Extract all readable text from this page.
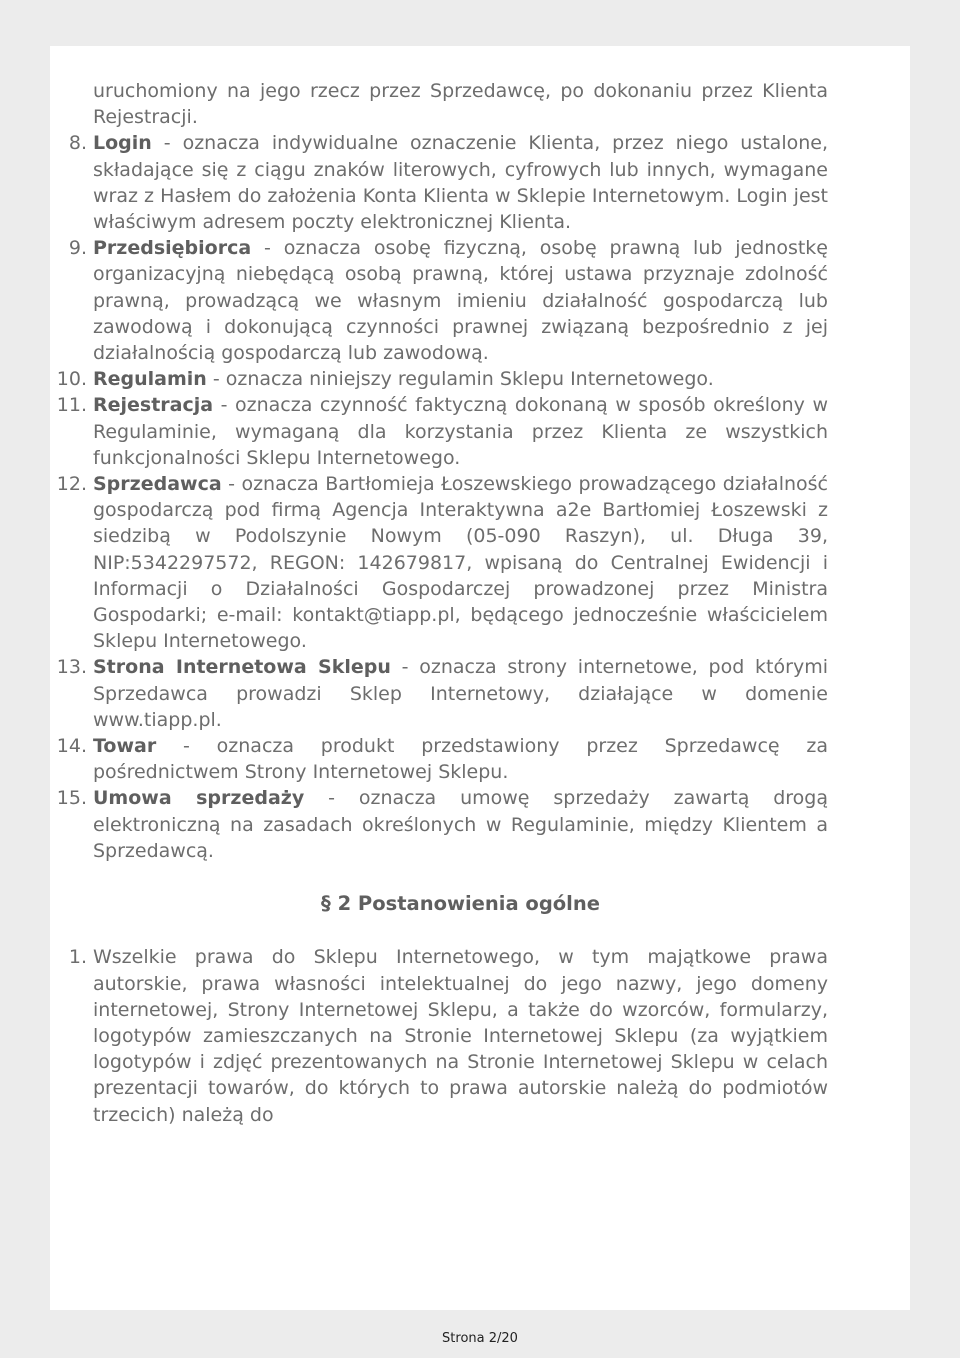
uruchomiony na jego rzecz przez Sprzedawcę, po dokonaniu przez Klienta Rejestracji.
8. Login - oznacza indywidualne oznaczenie Klienta, przez niego ustalone, składające się z ciągu znaków literowych, cyfrowych lub innych, wymagane wraz z Hasłem do założenia Konta Klienta w Sklepie Internetowym. Login jest właściwym adresem poczty elektronicznej Klienta.
9. Przedsiębiorca - oznacza osobę fizyczną, osobę prawną lub jednostkę organizacyjną niebędącą osobą prawną, której ustawa przyznaje zdolność prawną, prowadzącą we własnym imieniu działalność gospodarczą lub zawodową i dokonującą czynności prawnej związaną bezpośrednio z jej działalnością gospodarczą lub zawodową.
10. Regulamin - oznacza niniejszy regulamin Sklepu Internetowego.
11. Rejestracja - oznacza czynność faktyczną dokonaną w sposób określony w Regulaminie, wymaganą dla korzystania przez Klienta ze wszystkich funkcjonalności Sklepu Internetowego.
12. Sprzedawca - oznacza Bartłomieja Łoszewskiego prowadzącego działalność gospodarczą pod firmą Agencja Interaktywna a2e Bartłomiej Łoszewski z siedzibą w Podolszynie Nowym (05-090 Raszyn), ul. Długa 39, NIP:5342297572, REGON: 142679817, wpisaną do Centralnej Ewidencji i Informacji o Działalności Gospodarczej prowadzonej przez Ministra Gospodarki; e-mail: kontakt@tiapp.pl, będącego jednocześnie właścicielem Sklepu Internetowego.
13. Strona Internetowa Sklepu - oznacza strony internetowe, pod którymi Sprzedawca prowadzi Sklep Internetowy, działające w domenie www.tiapp.pl.
14. Towar - oznacza produkt przedstawiony przez Sprzedawcę za pośrednictwem Strony Internetowej Sklepu.
15. Umowa sprzedaży - oznacza umowę sprzedaży zawartą drogą elektroniczną na zasadach określonych w Regulaminie, między Klientem a Sprzedawcą.
§ 2 Postanowienia ogólne
1. Wszelkie prawa do Sklepu Internetowego, w tym majątkowe prawa autorskie, prawa własności intelektualnej do jego nazwy, jego domeny internetowej, Strony Internetowej Sklepu, a także do wzorców, formularzy, logotypów zamieszczanych na Stronie Internetowej Sklepu (za wyjątkiem logotypów i zdjęć prezentowanych na Stronie Internetowej Sklepu w celach prezentacji towarów, do których to prawa autorskie należą do podmiotów trzecich) należą do
Strona 2/20
